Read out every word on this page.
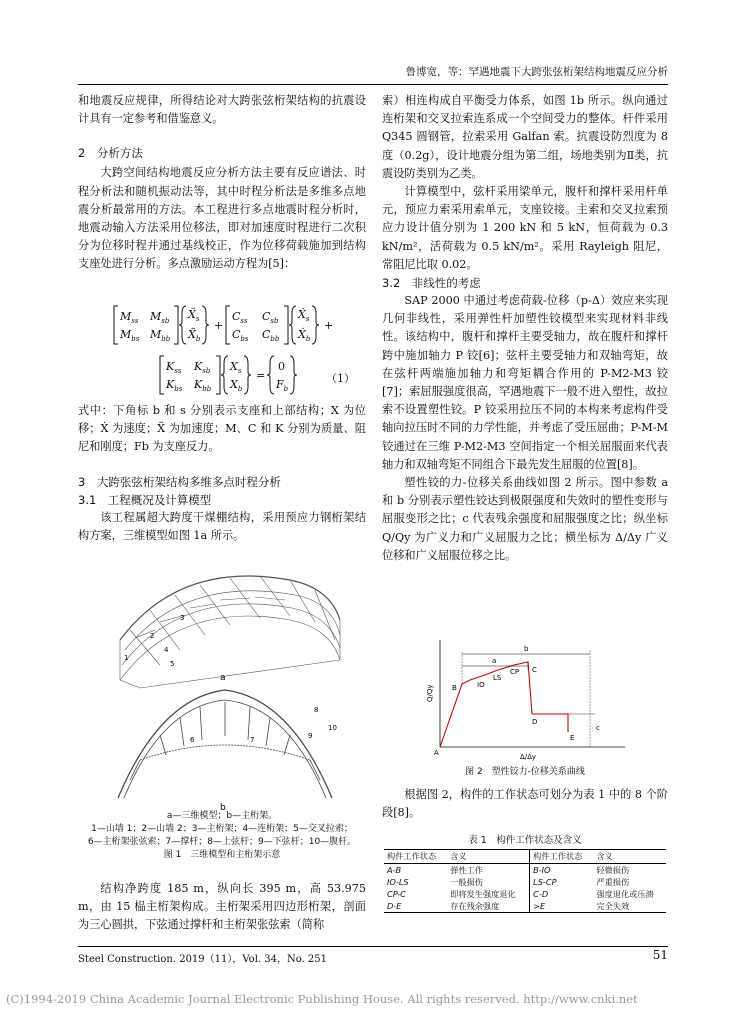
鲁博宽，等：罕遇地震下大跨张弦桁架结构地震反应分析

和地震反应规律，所得结论对大跨张弦桁架结构的抗震设计具有一定参考和借鉴意义。

2　分析方法

大跨空间结构地震反应分析方法主要有反应谱法、时程分析法和随机振动法等，其中时程分析法是多维多点地震分析最常用的方法。本工程进行多点地震时程分析时，地震动输入方法采用位移法，即对加速度时程进行二次积分为位移时程并通过基线校正，作为位移荷载施加到结构支座处进行分析。多点激励运动方程为[5]：

$M_{ss}$ $M_{sb}$
$M_{bs}$ $M_{bb}$
Ẍ$_s$
Ẍ$_b$
+
$C_{ss}$ $C_{sb}$
$C_{bs}$ $C_{bb}$
Ẋ$_s$
Ẋ$_b$
+
$K_{ss}$ $K_{sb}$
$K_{bs}$ $K_{bb}$
$X_s$
$X_b$
=
0
$F_b$
（1）

式中：下角标 b 和 s 分别表示支座和上部结构；X 为位移；Ẋ 为速度；Ẍ 为加速度；M、C 和 K 分别为质量、阻尼和刚度；Fb 为支座反力。

3　大跨张弦桁架结构多维多点时程分析

3.1　工程概况及计算模型

该工程属超大跨度干煤棚结构，采用预应力钢桁架结构方案，三维模型如图 1a 所示。

a
1
2
3
4
5
6	7
8
9
10
b
a—三维模型；b—主桁架。
1—山墙 1；2—山墙 2；3—主桁架；4—连桁架；5—交叉拉索；
6—主桁架张弦索；7—撑杆；8—上弦杆；9—下弦杆；10—腹杆。
图 1　三维模型和主桁架示意

结构净跨度 185 m，纵向长 395 m，高 53.975 m，由 15 榀主桁架构成。主桁架采用四边形桁架，剖面为三心圆拱，下弦通过撑杆和主桁架张弦索（简称

索）相连构成自平衡受力体系，如图 1b 所示。纵向通过连桁架和交叉拉索连系成一个空间受力的整体。杆件采用 Q345 圆钢管，拉索采用 Galfan 索。抗震设防烈度为 8 度（0.2g），设计地震分组为第二组，场地类别为Ⅱ类，抗震设防类别为乙类。

计算模型中，弦杆采用梁单元，腹杆和撑杆采用杆单元，预应力索采用索单元，支座铰接。主索和交叉拉索预应力设计值分别为 1 200 kN 和 5 kN，恒荷载为 0.3 kN/m²，活荷载为 0.5 kN/m²。采用 Rayleigh 阻尼，常阻尼比取 0.02。

3.2　非线性的考虑

SAP 2000 中通过考虑荷载-位移（p-Δ）效应来实现几何非线性，采用弹性杆加塑性铰模型来实现材料非线性。该结构中，腹杆和撑杆主要受轴力，故在腹杆和撑杆跨中施加轴力 P 铰[6]；弦杆主要受轴力和双轴弯矩，故在弦杆两端施加轴力和弯矩耦合作用的 P-M2-M3 铰[7]；索屈服强度很高，罕遇地震下一般不进入塑性，故拉索不设置塑性铰。P 铰采用拉压不同的本构来考虑构件受轴向拉压时不同的力学性能，并考虑了受压屈曲；P-M-M 铰通过在三维 P-M2-M3 空间指定一个相关屈服面来代表轴力和双轴弯矩不同组合下最先发生屈服的位置[8]。

塑性铰的力-位移关系曲线如图 2 所示。图中参数 a 和 b 分别表示塑性铰达到极限强度和失效时的塑性变形与屈服变形之比；c 代表残余强度和屈服强度之比；纵坐标 Q/Qy 为广义力和广义屈服力之比；横坐标为 Δ/Δy 广义位移和广义屈服位移之比。

a
b
c
A
B	IO
LS
CP C
D
E
Q/Qy
Δ/Δy
图 2　塑性铰力-位移关系曲线

根据图 2，构件的工作状态可划分为表 1 中的 8 个阶段[8]。

表 1　构件工作状态及含义
构件工作状态	含义	构件工作状态	含义
A-B	弹性工作	B-IO	轻微损伤
IO-LS	一般损伤	LS-CP	严重损伤
CP-C	即将发生强度退化	C-D	强度退化或压溃
D-E	存在残余强度	>E	完全失效
Steel Construction. 2019（11），Vol. 34，No. 251	51
(C)1994-2019 China Academic Journal Electronic Publishing House. All rights reserved. http://www.cnki.net
